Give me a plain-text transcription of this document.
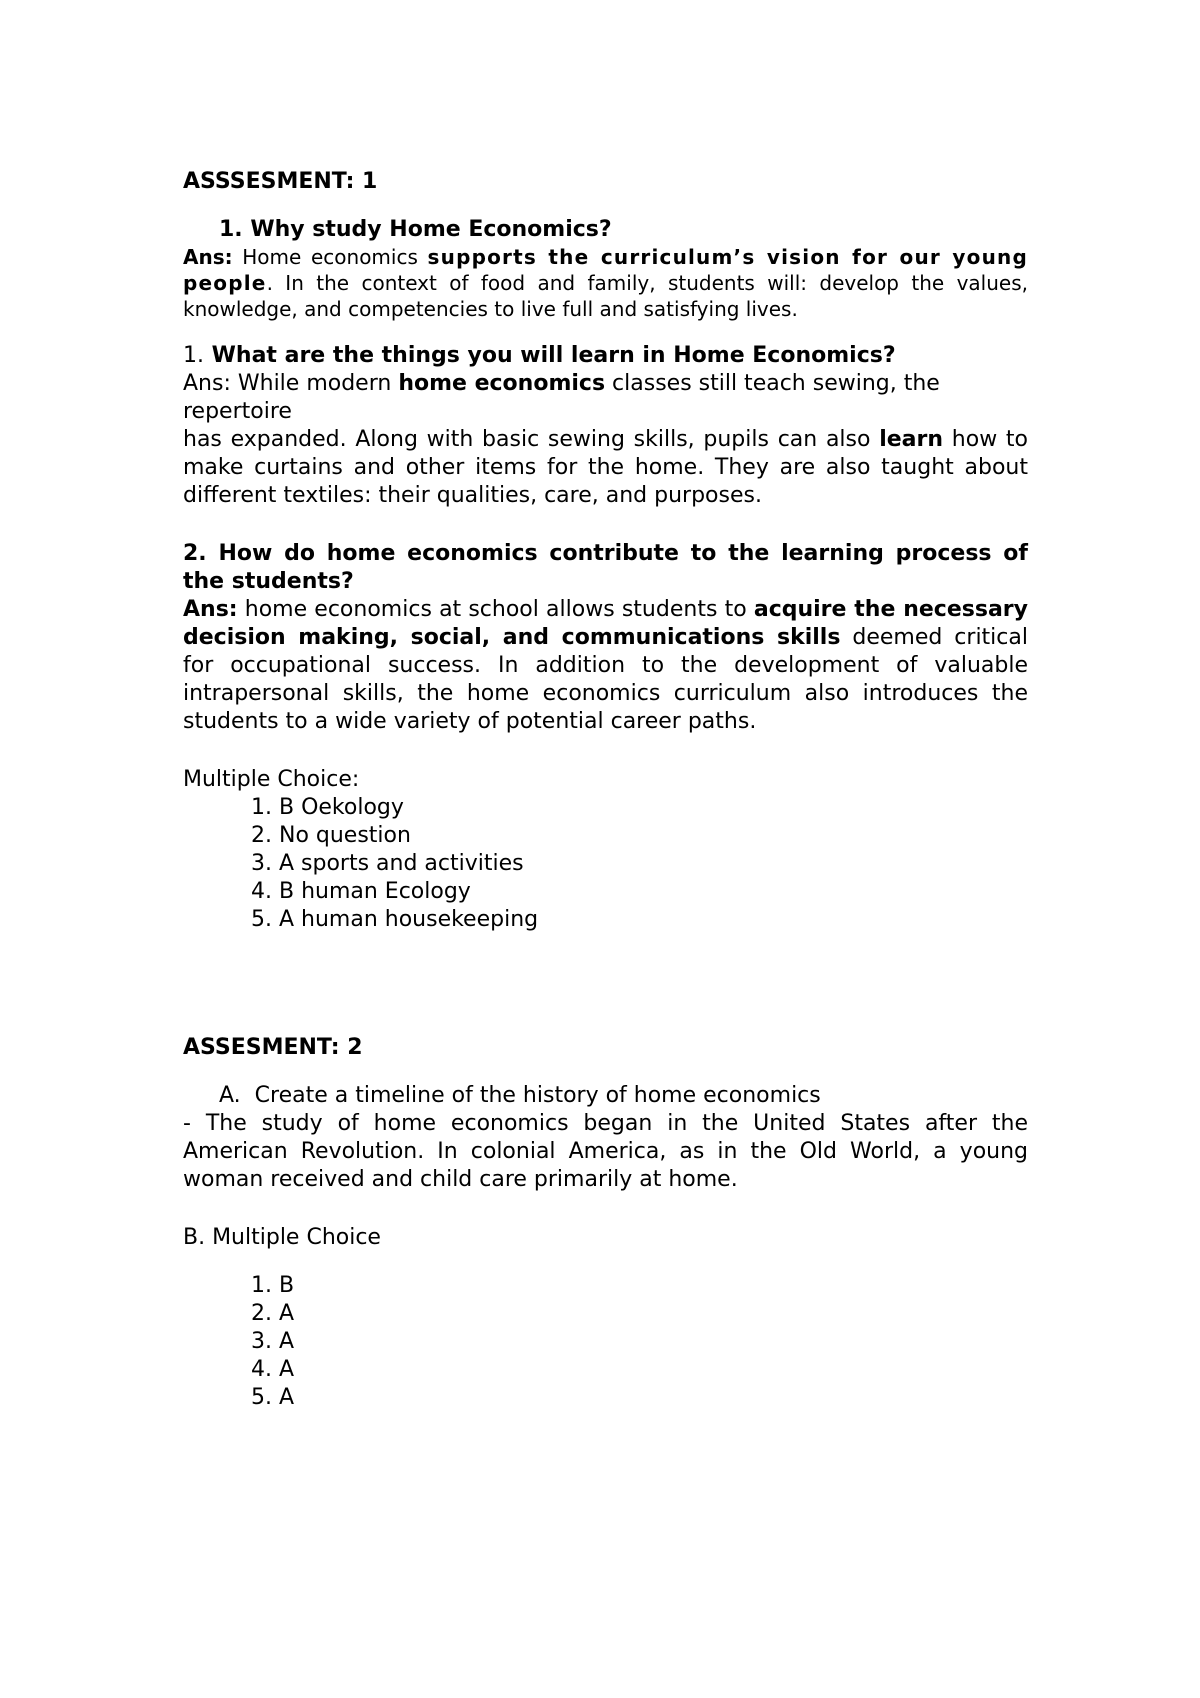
ASSSESMENT: 1

1. Why study Home Economics?

Ans: Home economics supports the curriculum’s vision for our young people. In the context of food and family, students will: develop the values, knowledge, and competencies to live full and satisfying lives.

1. What are the things you will learn in Home Economics?

Ans: While modern home economics classes still teach sewing, the repertoire

has expanded. Along with basic sewing skills, pupils can also learn how to make curtains and other items for the home. They are also taught about different textiles: their qualities, care, and purposes.

2. How do home economics contribute to the learning process of the students?

Ans: home economics at school allows students to acquire the necessary decision making, social, and communications skills deemed critical for occupational success. In addition to the development of valuable intrapersonal skills, the home economics curriculum also introduces the students to a wide variety of potential career paths.

Multiple Choice:

1. B Oekology
2. No question
3. A sports and activities
4. B human Ecology
5. A human housekeeping

ASSESMENT: 2

A. Create a timeline of the history of home economics

- The study of home economics began in the United States after the American Revolution. In colonial America, as in the Old World, a young woman received and child care primarily at home.

B. Multiple Choice

1. B
2. A
3. A
4. A
5. A
